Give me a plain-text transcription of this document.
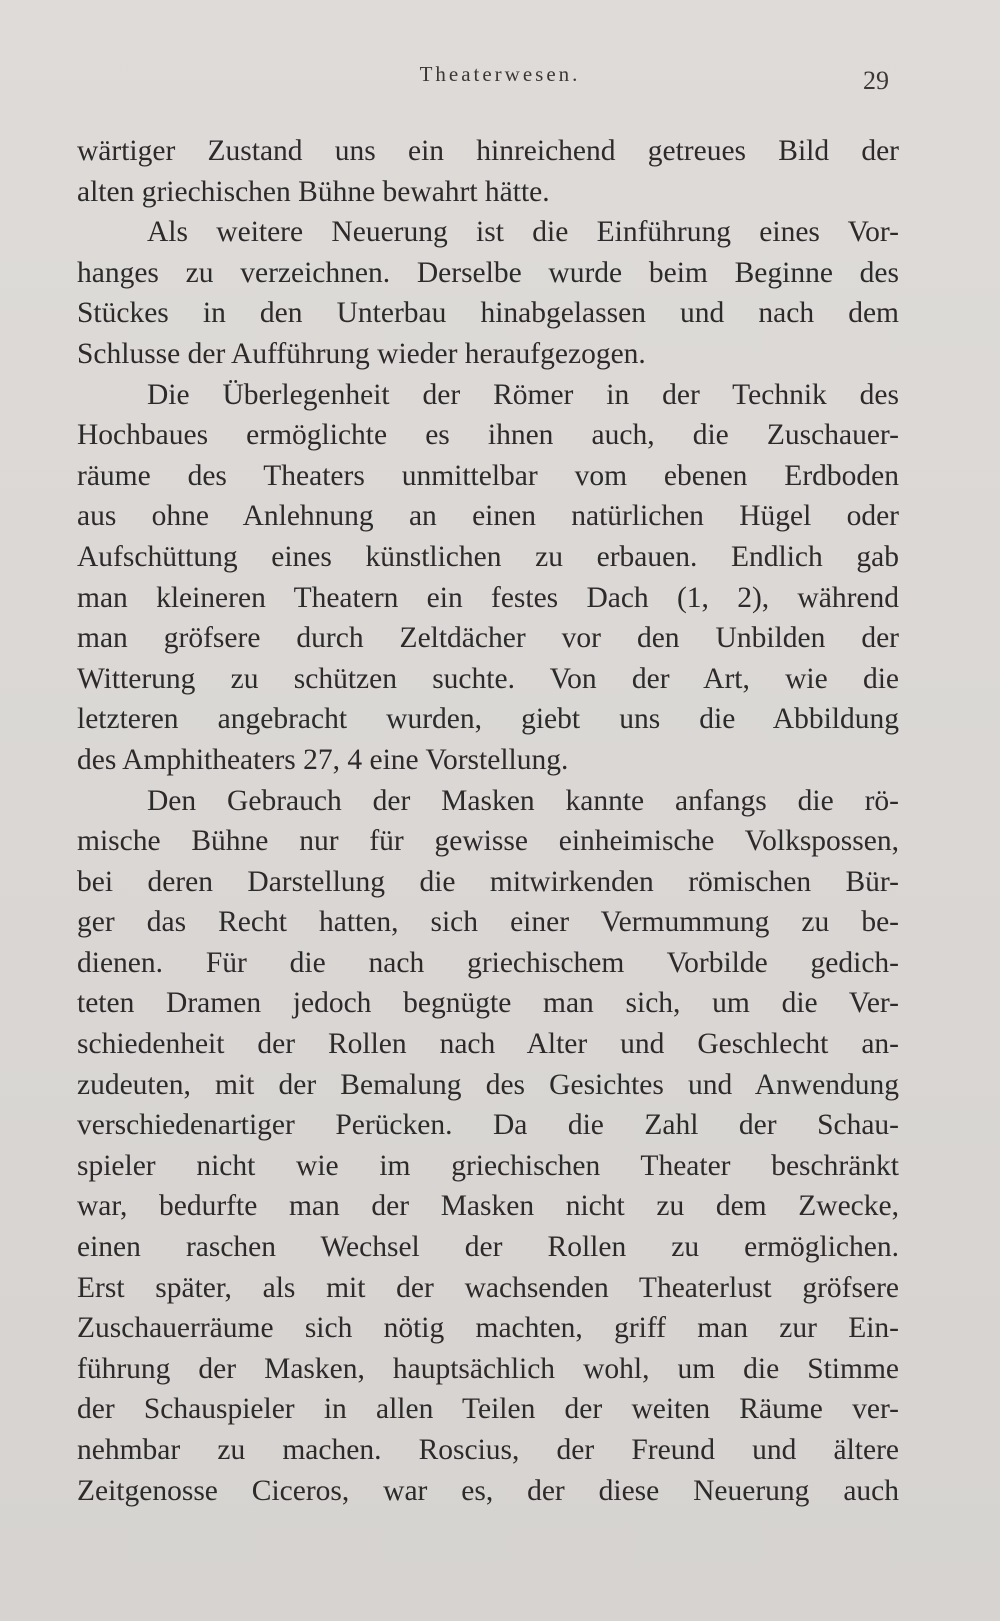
Theaterwesen.	29
wärtiger Zustand uns ein hinreichend getreues Bild der
alten griechischen Bühne bewahrt hätte.
Als weitere Neuerung ist die Einführung eines Vor-
hanges zu verzeichnen. Derselbe wurde beim Beginne des
Stückes in den Unterbau hinabgelassen und nach dem
Schlusse der Aufführung wieder heraufgezogen.
Die Überlegenheit der Römer in der Technik des
Hochbaues ermöglichte es ihnen auch, die Zuschauer-
räume des Theaters unmittelbar vom ebenen Erdboden
aus ohne Anlehnung an einen natürlichen Hügel oder
Aufschüttung eines künstlichen zu erbauen. Endlich gab
man kleineren Theatern ein festes Dach (1, 2), während
man gröfsere durch Zeltdächer vor den Unbilden der
Witterung zu schützen suchte. Von der Art, wie die
letzteren angebracht wurden, giebt uns die Abbildung
des Amphitheaters 27, 4 eine Vorstellung.
Den Gebrauch der Masken kannte anfangs die rö-
mische Bühne nur für gewisse einheimische Volkspossen,
bei deren Darstellung die mitwirkenden römischen Bür-
ger das Recht hatten, sich einer Vermummung zu be-
dienen. Für die nach griechischem Vorbilde gedich-
teten Dramen jedoch begnügte man sich, um die Ver-
schiedenheit der Rollen nach Alter und Geschlecht an-
zudeuten, mit der Bemalung des Gesichtes und Anwendung
verschiedenartiger Perücken. Da die Zahl der Schau-
spieler nicht wie im griechischen Theater beschränkt
war, bedurfte man der Masken nicht zu dem Zwecke,
einen raschen Wechsel der Rollen zu ermöglichen.
Erst später, als mit der wachsenden Theaterlust gröfsere
Zuschauerräume sich nötig machten, griff man zur Ein-
führung der Masken, hauptsächlich wohl, um die Stimme
der Schauspieler in allen Teilen der weiten Räume ver-
nehmbar zu machen. Roscius, der Freund und ältere
Zeitgenosse Ciceros, war es, der diese Neuerung auch
